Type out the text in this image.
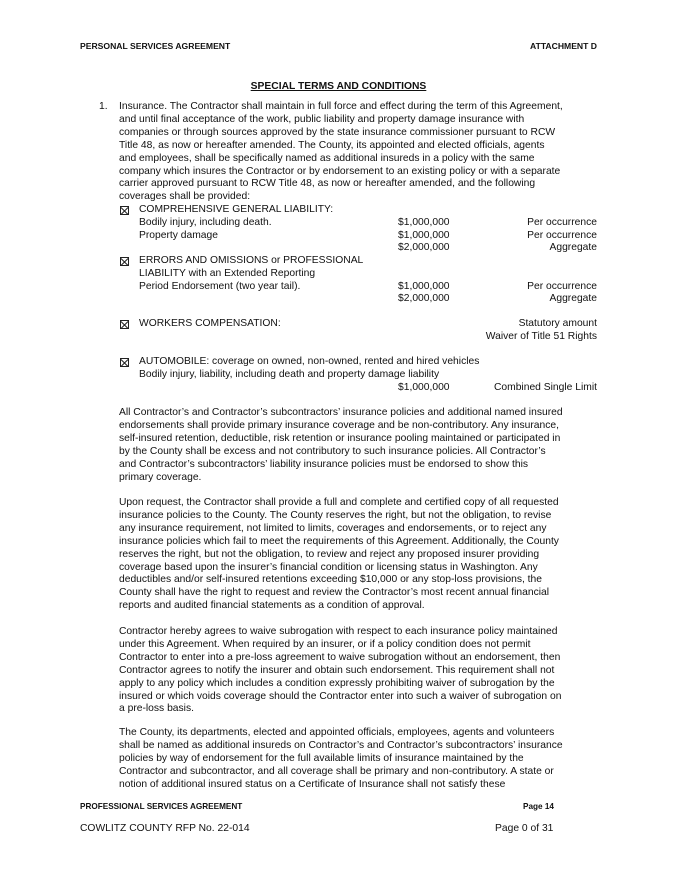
PERSONAL SERVICES AGREEMENT	ATTACHMENT D
SPECIAL TERMS AND CONDITIONS
1. Insurance. The Contractor shall maintain in full force and effect during the term of this Agreement,
and until final acceptance of the work, public liability and property damage insurance with
companies or through sources approved by the state insurance commissioner pursuant to RCW
Title 48, as now or hereafter amended. The County, its appointed and elected officials, agents
and employees, shall be specifically named as additional insureds in a policy with the same
company which insures the Contractor or by endorsement to an existing policy or with a separate
carrier approved pursuant to RCW Title 48, as now or hereafter amended, and the following
coverages shall be provided:
COMPREHENSIVE GENERAL LIABILITY:
Bodily injury, including death.	$1,000,000	Per occurrence
Property damage	$1,000,000	Per occurrence
$2,000,000	Aggregate
ERRORS AND OMISSIONS or PROFESSIONAL
LIABILITY with an Extended Reporting
Period Endorsement (two year tail).	$1,000,000	Per occurrence
$2,000,000	Aggregate
WORKERS COMPENSATION:	Statutory amount
Waiver of Title 51 Rights
AUTOMOBILE: coverage on owned, non-owned, rented and hired vehicles
Bodily injury, liability, including death and property damage liability
$1,000,000	Combined Single Limit
All Contractor’s and Contractor’s subcontractors’ insurance policies and additional named insured
endorsements shall provide primary insurance coverage and be non-contributory. Any insurance,
self-insured retention, deductible, risk retention or insurance pooling maintained or participated in
by the County shall be excess and not contributory to such insurance policies. All Contractor’s
and Contractor’s subcontractors’ liability insurance policies must be endorsed to show this
primary coverage.
Upon request, the Contractor shall provide a full and complete and certified copy of all requested
insurance policies to the County. The County reserves the right, but not the obligation, to revise
any insurance requirement, not limited to limits, coverages and endorsements, or to reject any
insurance policies which fail to meet the requirements of this Agreement. Additionally, the County
reserves the right, but not the obligation, to review and reject any proposed insurer providing
coverage based upon the insurer’s financial condition or licensing status in Washington. Any
deductibles and/or self-insured retentions exceeding $10,000 or any stop-loss provisions, the
County shall have the right to request and review the Contractor’s most recent annual financial
reports and audited financial statements as a condition of approval.
Contractor hereby agrees to waive subrogation with respect to each insurance policy maintained
under this Agreement. When required by an insurer, or if a policy condition does not permit
Contractor to enter into a pre-loss agreement to waive subrogation without an endorsement, then
Contractor agrees to notify the insurer and obtain such endorsement. This requirement shall not
apply to any policy which includes a condition expressly prohibiting waiver of subrogation by the
insured or which voids coverage should the Contractor enter into such a waiver of subrogation on
a pre-loss basis.
The County, its departments, elected and appointed officials, employees, agents and volunteers
shall be named as additional insureds on Contractor’s and Contractor’s subcontractors’ insurance
policies by way of endorsement for the full available limits of insurance maintained by the
Contractor and subcontractor, and all coverage shall be primary and non-contributory. A state or
notion of additional insured status on a Certificate of Insurance shall not satisfy these
PROFESSIONAL SERVICES AGREEMENT	Page 14
COWLITZ COUNTY RFP No. 22-014	Page 0 of 31
